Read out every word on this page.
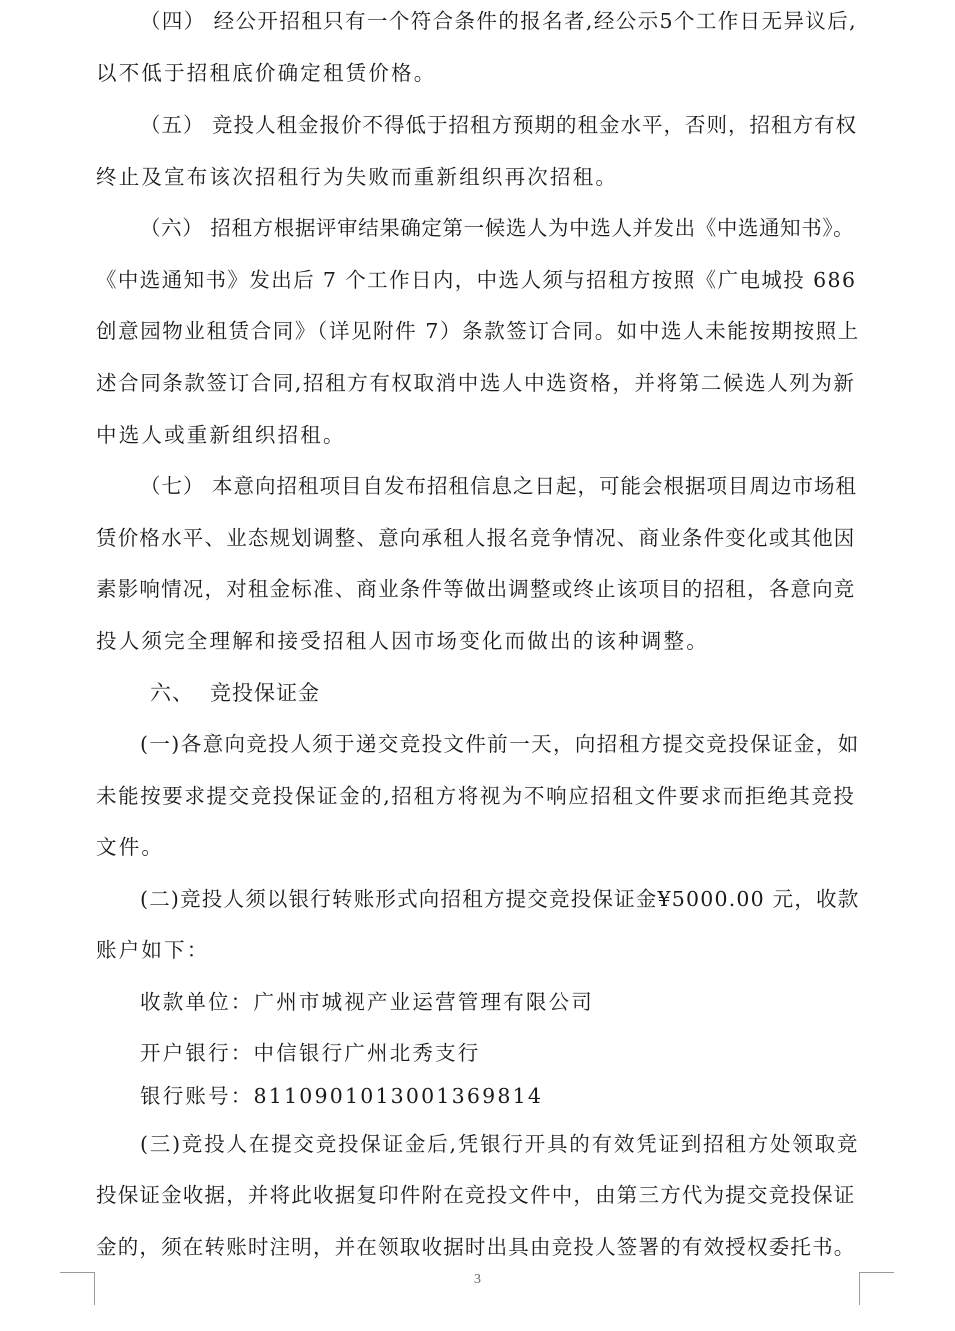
（四） 经公开招租只有一个符合条件的报名者,经公示5个工作日无异议后,
以不低于招租底价确定租赁价格。
（五） 竞投人租金报价不得低于招租方预期的租金水平，否则，招租方有权
终止及宣布该次招租行为失败而重新组织再次招租。
（六） 招租方根据评审结果确定第一候选人为中选人并发出《中选通知书》。
《中选通知书》发出后 7 个工作日内，中选人须与招租方按照《广电城投 686
创意园物业租赁合同》（详见附件 7）条款签订合同。如中选人未能按期按照上
述合同条款签订合同,招租方有权取消中选人中选资格，并将第二候选人列为新
中选人或重新组织招租。
（七） 本意向招租项目自发布招租信息之日起，可能会根据项目周边市场租
赁价格水平、业态规划调整、意向承租人报名竞争情况、商业条件变化或其他因
素影响情况，对租金标准、商业条件等做出调整或终止该项目的招租，各意向竞
投人须完全理解和接受招租人因市场变化而做出的该种调整。
六、 竞投保证金
(一)各意向竞投人须于递交竞投文件前一天，向招租方提交竞投保证金，如
未能按要求提交竞投保证金的,招租方将视为不响应招租文件要求而拒绝其竞投
文件。
(二)竞投人须以银行转账形式向招租方提交竞投保证金¥5000.00 元，收款
账户如下：
收款单位：广州市城视产业运营管理有限公司
开户银行：中信银行广州北秀支行
银行账号：8110901013001369814
(三)竞投人在提交竞投保证金后,凭银行开具的有效凭证到招租方处领取竞
投保证金收据，并将此收据复印件附在竞投文件中，由第三方代为提交竞投保证
金的，须在转账时注明，并在领取收据时出具由竞投人签署的有效授权委托书。
3
